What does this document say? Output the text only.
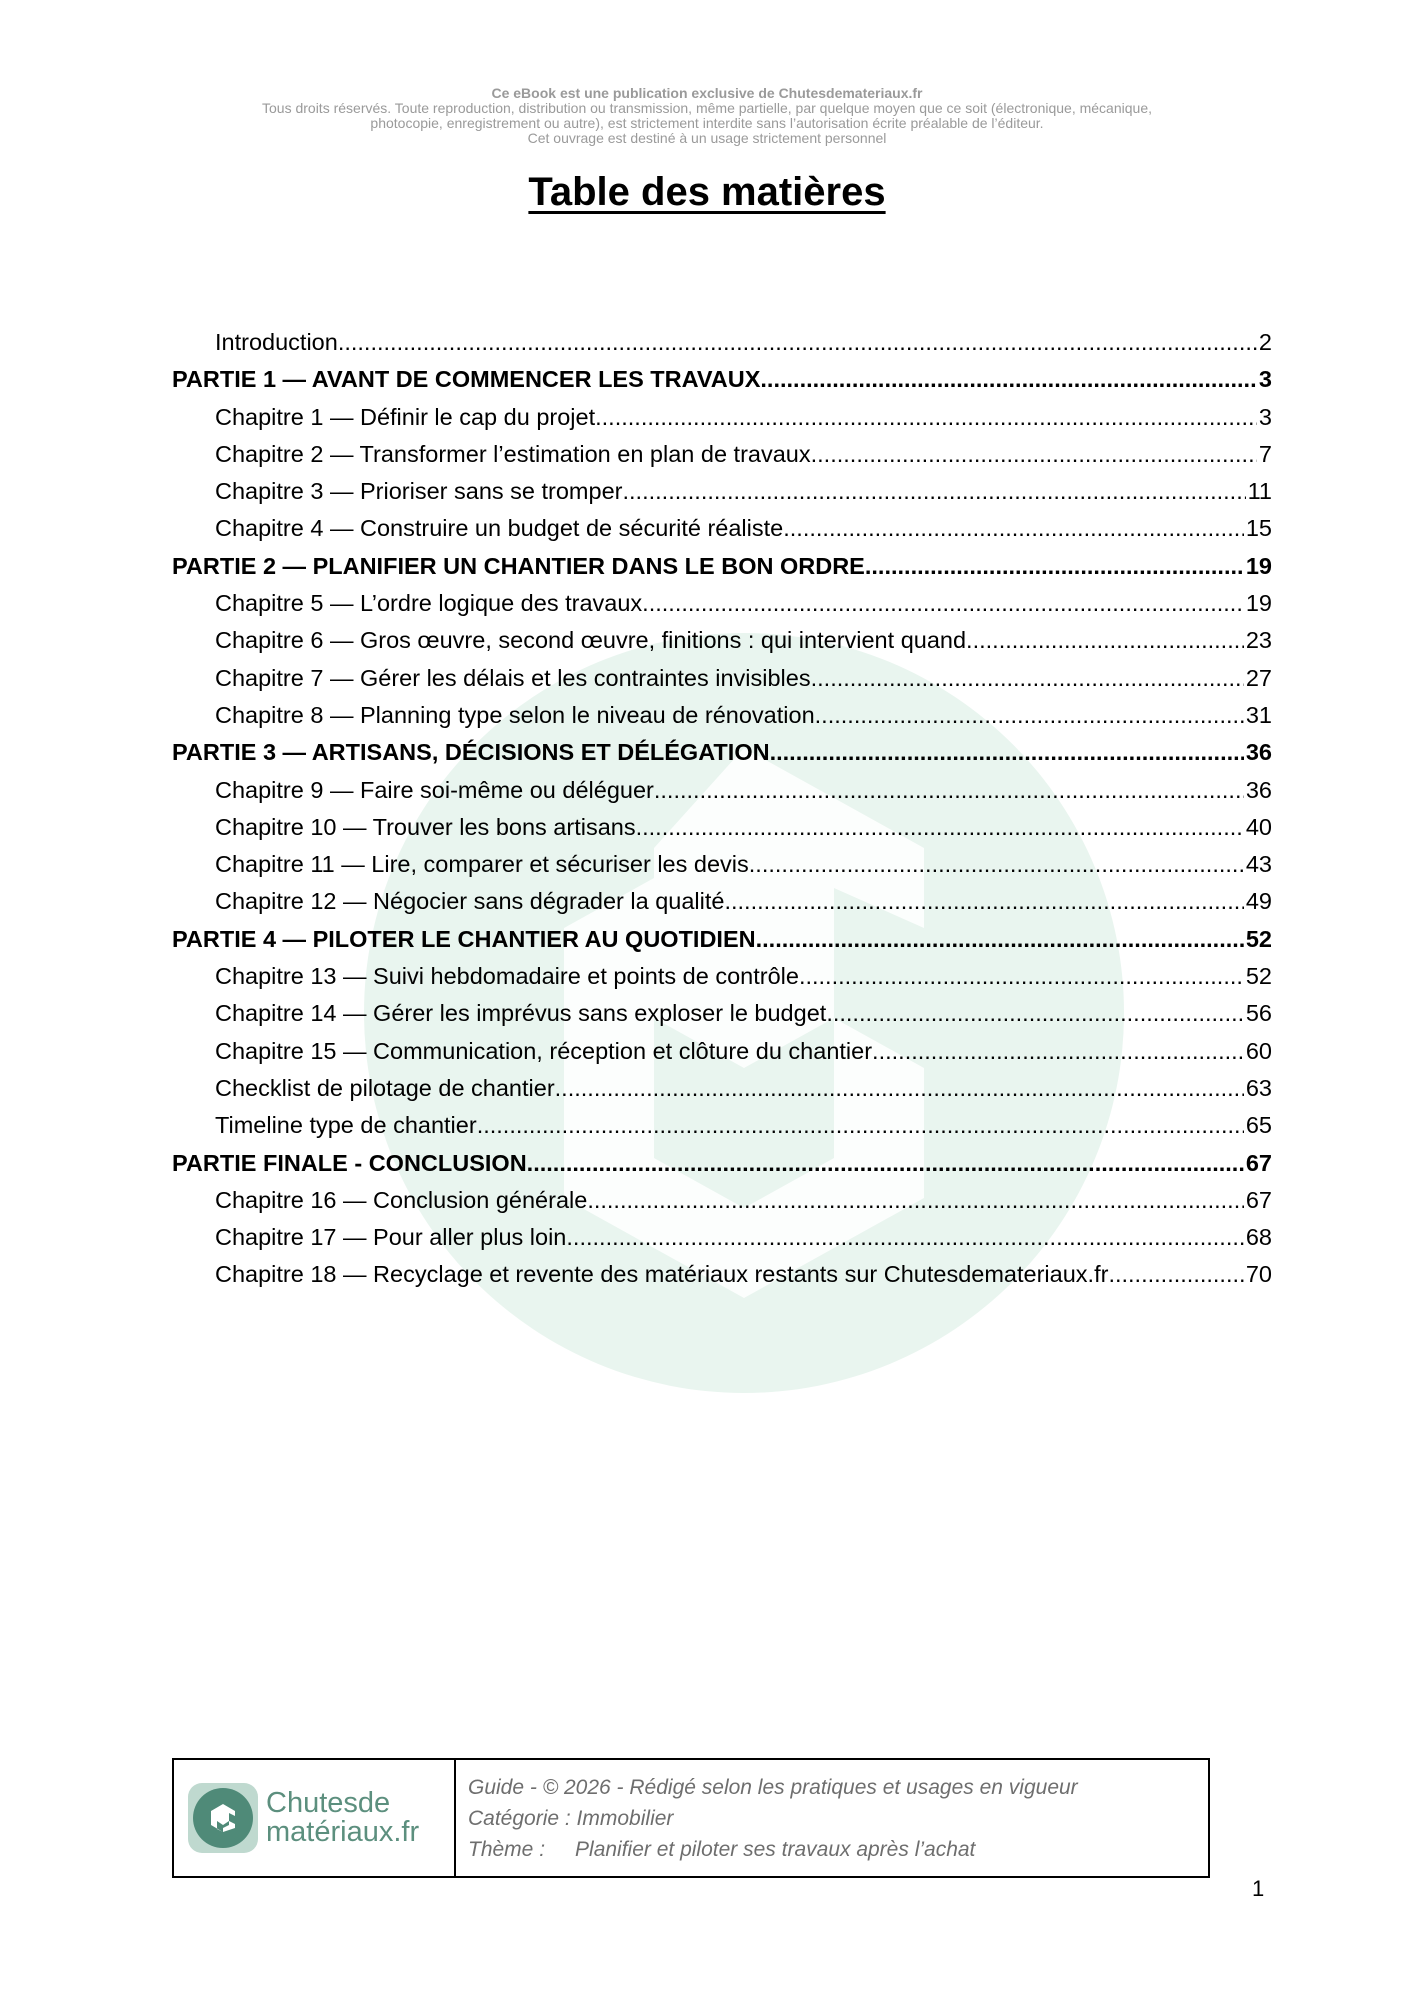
Ce eBook est une publication exclusive de Chutesdemateriaux.fr
Tous droits réservés. Toute reproduction, distribution ou transmission, même partielle, par quelque moyen que ce soit (électronique, mécanique,
photocopie, enregistrement ou autre), est strictement interdite sans l’autorisation écrite préalable de l’éditeur.
Cet ouvrage est destiné à un usage strictement personnel
Table des matières
Introduction .....	2
PARTIE 1 — AVANT DE COMMENCER LES TRAVAUX .....	3
Chapitre 1 — Définir le cap du projet .....	3
Chapitre 2 — Transformer l’estimation en plan de travaux .....	7
Chapitre 3 — Prioriser sans se tromper .....	11
Chapitre 4 — Construire un budget de sécurité réaliste .....	15
PARTIE 2 — PLANIFIER UN CHANTIER DANS LE BON ORDRE .....	19
Chapitre 5 — L’ordre logique des travaux .....	19
Chapitre 6 — Gros œuvre, second œuvre, finitions : qui intervient quand .....	23
Chapitre 7 — Gérer les délais et les contraintes invisibles .....	27
Chapitre 8 — Planning type selon le niveau de rénovation .....	31
PARTIE 3 — ARTISANS, DÉCISIONS ET DÉLÉGATION .....	36
Chapitre 9 — Faire soi-même ou déléguer .....	36
Chapitre 10 — Trouver les bons artisans .....	40
Chapitre 11 — Lire, comparer et sécuriser les devis .....	43
Chapitre 12 — Négocier sans dégrader la qualité .....	49
PARTIE 4 — PILOTER LE CHANTIER AU QUOTIDIEN .....	52
Chapitre 13 — Suivi hebdomadaire et points de contrôle .....	52
Chapitre 14 — Gérer les imprévus sans exploser le budget .....	56
Chapitre 15 — Communication, réception et clôture du chantier .....	60
Checklist de pilotage de chantier .....	63
Timeline type de chantier .....	65
PARTIE FINALE - CONCLUSION .....	67
Chapitre 16 — Conclusion générale .....	67
Chapitre 17 — Pour aller plus loin .....	68
Chapitre 18 — Recyclage et revente des matériaux restants sur Chutesdemateriaux.fr .....	70
Chutesde
matériaux.fr
Guide - © 2026 - Rédigé selon les pratiques et usages en vigueur
Catégorie : Immobilier
Thème : Planifier et piloter ses travaux après l’achat
1
